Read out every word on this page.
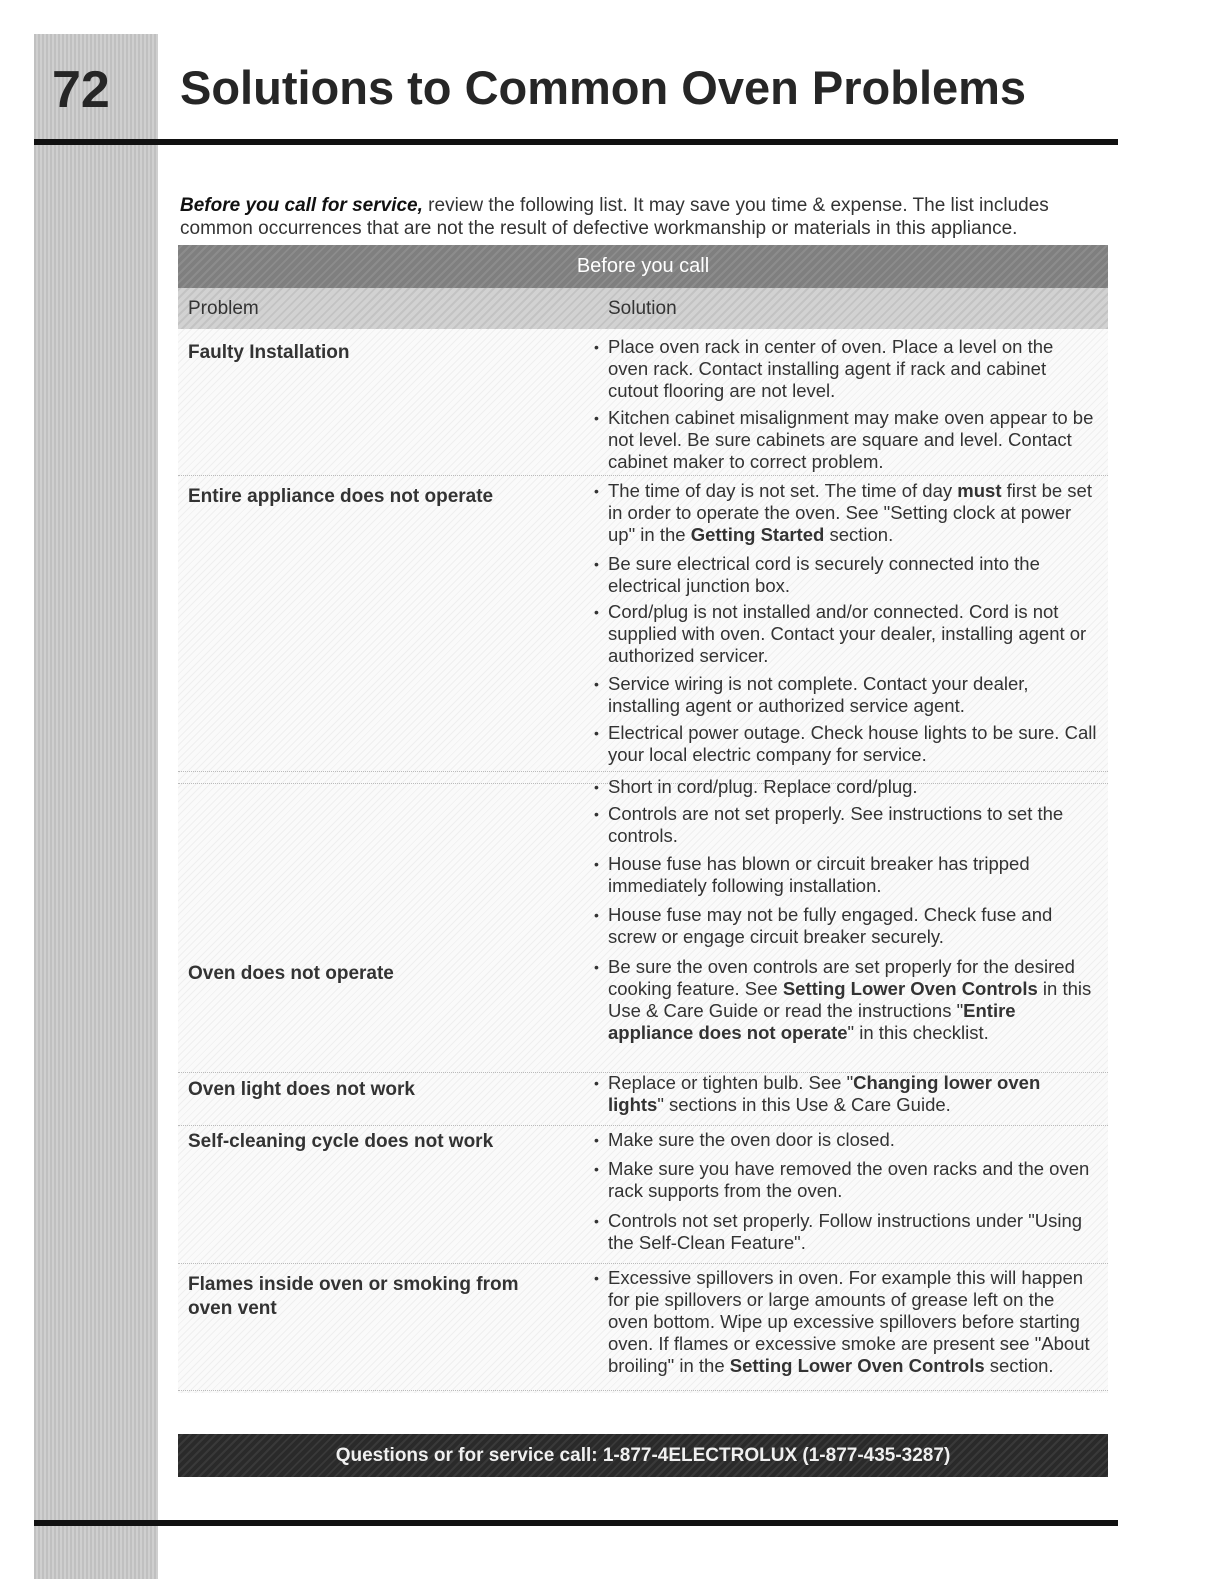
72 Solutions to Common Oven Problems

Before you call for service, review the following list. It may save you time & expense. The list includes common occurrences that are not the result of defective workmanship or materials in this appliance.

Before you call
Problem	Solution

Faulty Installation

Entire appliance does not operate

Oven does not operate

Oven light does not work

Self-cleaning cycle does not work

Flames inside oven or smoking from oven vent

• Place oven rack in center of oven. Place a level on the oven rack. Contact installing agent if rack and cabinet cutout flooring are not level.
• Kitchen cabinet misalignment may make oven appear to be not level. Be sure cabinets are square and level. Contact cabinet maker to correct problem.
• The time of day is not set. The time of day must first be set in order to operate the oven. See "Setting clock at power up" in the Getting Started section.
• Be sure electrical cord is securely connected into the electrical junction box.
• Cord/plug is not installed and/or connected. Cord is not supplied with oven. Contact your dealer, installing agent or authorized servicer.
• Service wiring is not complete. Contact your dealer, installing agent or authorized service agent.
• Electrical power outage. Check house lights to be sure. Call your local electric company for service.
• Short in cord/plug. Replace cord/plug.
• Controls are not set properly. See instructions to set the controls.
• House fuse has blown or circuit breaker has tripped immediately following installation.
• House fuse may not be fully engaged. Check fuse and screw or engage circuit breaker securely.
• Be sure the oven controls are set properly for the desired cooking feature. See Setting Lower Oven Controls in this Use & Care Guide or read the instructions "Entire appliance does not operate" in this checklist.
• Replace or tighten bulb. See "Changing lower oven lights" sections in this Use & Care Guide.
• Make sure the oven door is closed.
• Make sure you have removed the oven racks and the oven rack supports from the oven.
• Controls not set properly. Follow instructions under "Using the Self-Clean Feature".
• Excessive spillovers in oven. For example this will happen for pie spillovers or large amounts of grease left on the oven bottom. Wipe up excessive spillovers before starting oven. If flames or excessive smoke are present see "About broiling" in the Setting Lower Oven Controls section.
Questions or for service call: 1-877-4ELECTROLUX (1-877-435-3287)
